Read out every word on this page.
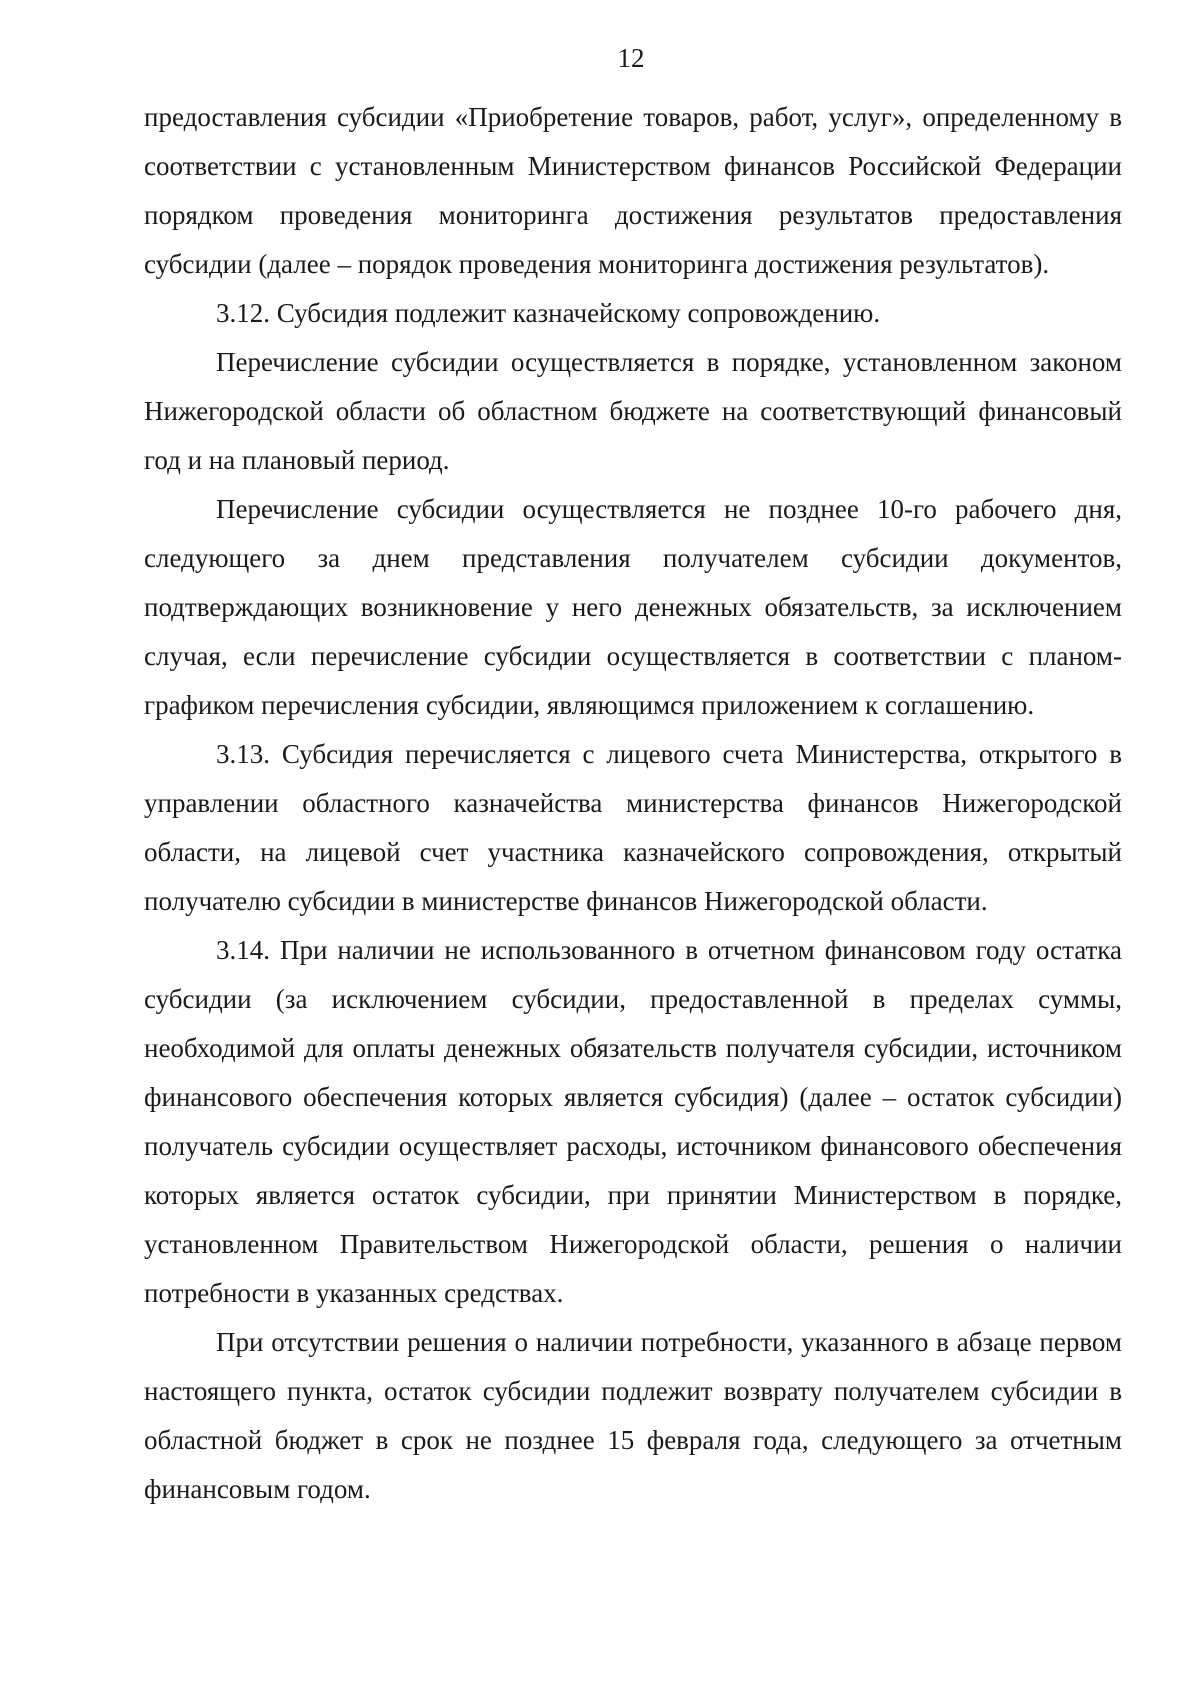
12

предоставления субсидии «Приобретение товаров, работ, услуг», определенному в соответствии с установленным Министерством финансов Российской Федерации порядком проведения мониторинга достижения результатов предоставления субсидии (далее – порядок проведения мониторинга достижения результатов).

3.12. Субсидия подлежит казначейскому сопровождению.

Перечисление субсидии осуществляется в порядке, установленном законом Нижегородской области об областном бюджете на соответствующий финансовый год и на плановый период.

Перечисление субсидии осуществляется не позднее 10-го рабочего дня, следующего за днем представления получателем субсидии документов, подтверждающих возникновение у него денежных обязательств, за исключением случая, если перечисление субсидии осуществляется в соответствии с планом-графиком перечисления субсидии, являющимся приложением к соглашению.

3.13. Субсидия перечисляется с лицевого счета Министерства, открытого в управлении областного казначейства министерства финансов Нижегородской области, на лицевой счет участника казначейского сопровождения, открытый получателю субсидии в министерстве финансов Нижегородской области.

3.14. При наличии не использованного в отчетном финансовом году остатка субсидии (за исключением субсидии, предоставленной в пределах суммы, необходимой для оплаты денежных обязательств получателя субсидии, источником финансового обеспечения которых является субсидия) (далее – остаток субсидии) получатель субсидии осуществляет расходы, источником финансового обеспечения которых является остаток субсидии, при принятии Министерством в порядке, установленном Правительством Нижегородской области, решения о наличии потребности в указанных средствах.

При отсутствии решения о наличии потребности, указанного в абзаце первом настоящего пункта, остаток субсидии подлежит возврату получателем субсидии в областной бюджет в срок не позднее 15 февраля года, следующего за отчетным финансовым годом.
